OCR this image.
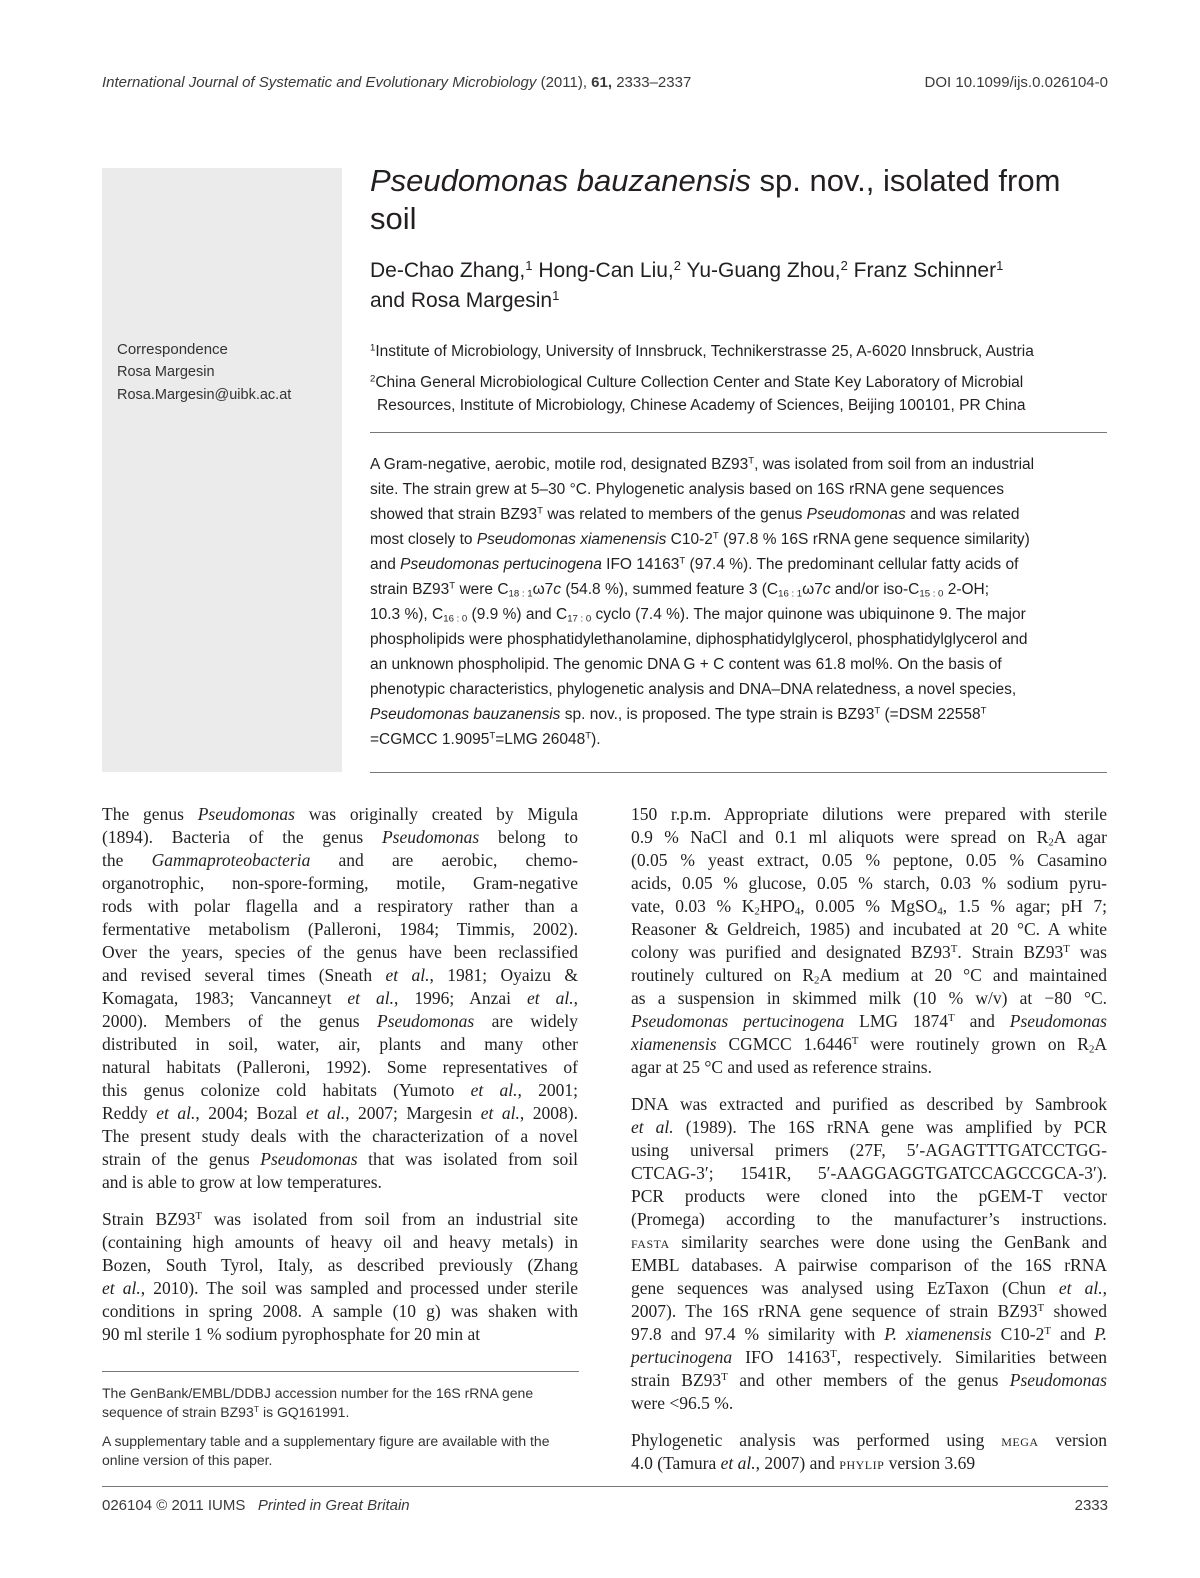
International Journal of Systematic and Evolutionary Microbiology (2011), 61, 2333–2337	DOI 10.1099/ijs.0.026104-0
Correspondence
Rosa Margesin
Rosa.Margesin@uibk.ac.at
Pseudomonas bauzanensis sp. nov., isolated from
soil
De-Chao Zhang,$^1$ Hong-Can Liu,$^2$ Yu-Guang Zhou,$^2$ Franz Schinner$^1$
and Rosa Margesin$^1$
$^1$Institute of Microbiology, University of Innsbruck, Technikerstrasse 25, A-6020 Innsbruck, Austria
$^2$China General Microbiological Culture Collection Center and State Key Laboratory of Microbial
Resources, Institute of Microbiology, Chinese Academy of Sciences, Beijing 100101, PR China
A Gram-negative, aerobic, motile rod, designated $BZ93^T$, was isolated from soil from an industrial
site. The strain grew at 5–30 °C. Phylogenetic analysis based on 16S rRNA gene sequences
showed that strain $BZ93^T$ was related to members of the genus Pseudomonas and was related
most closely to Pseudomonas xiamenensis $C10-2^T$ (97.8 % 16S rRNA gene sequence similarity)
and Pseudomonas pertucinogena IFO $14163^T$ (97.4 %). The predominant cellular fatty acids of
strain $BZ93^T$ were $C_{18 : 1}\omega 7c$ (54.8 %), summed feature 3 ($C_{16 : 1}\omega 7c$ and/or iso-$C_{15 : 0}$ 2-OH;
10.3 %), $C_{16 : 0}$ (9.9 %) and $C_{17 : 0}$ cyclo (7.4 %). The major quinone was ubiquinone 9. The major
phospholipids were phosphatidylethanolamine, diphosphatidylglycerol, phosphatidylglycerol and
an unknown phospholipid. The genomic DNA G + C content was 61.8 mol%. On the basis of
phenotypic characteristics, phylogenetic analysis and DNA–DNA relatedness, a novel species,
Pseudomonas bauzanensis sp. nov., is proposed. The type strain is $BZ93^T$ (=DSM $22558^T$
=CGMCC $1.9095^T=LMG$ $26048^T$).
The genus Pseudomonas was originally created by Migula
(1894). Bacteria of the genus Pseudomonas belong to
the Gammaproteobacteria and are aerobic, chemo-
organotrophic, non-spore-forming, motile, Gram-negative
rods with polar flagella and a respiratory rather than a
fermentative metabolism (Palleroni, 1984; Timmis, 2002).
Over the years, species of the genus have been reclassified
and revised several times (Sneath et al., 1981; Oyaizu &
Komagata, 1983; Vancanneyt et al., 1996; Anzai et al.,
2000). Members of the genus Pseudomonas are widely
distributed in soil, water, air, plants and many other
natural habitats (Palleroni, 1992). Some representatives of
this genus colonize cold habitats (Yumoto et al., 2001;
Reddy et al., 2004; Bozal et al., 2007; Margesin et al., 2008).
The present study deals with the characterization of a novel
strain of the genus Pseudomonas that was isolated from soil
and is able to grow at low temperatures.
Strain $BZ93^T$ was isolated from soil from an industrial site
(containing high amounts of heavy oil and heavy metals) in
Bozen, South Tyrol, Italy, as described previously (Zhang
et al., 2010). The soil was sampled and processed under sterile
conditions in spring 2008. A sample (10 g) was shaken with
90 ml sterile 1 % sodium pyrophosphate for 20 min at
150 r.p.m. Appropriate dilutions were prepared with sterile
0.9 % NaCl and 0.1 ml aliquots were spread on $R_2A$ agar
(0.05 % yeast extract, 0.05 % peptone, 0.05 % Casamino
acids, 0.05 % glucose, 0.05 % starch, 0.03 % sodium pyru-
vate, 0.03 % $K_2HPO_4$, 0.005 % MgSO$_4$, 1.5 % agar; pH 7;
Reasoner & Geldreich, 1985) and incubated at 20 °C. A white
colony was purified and designated $BZ93^T$. Strain $BZ93^T$ was
routinely cultured on $R_2A$ medium at 20 °C and maintained
as a suspension in skimmed milk (10 % w/v) at −80 °C.
Pseudomonas pertucinogena LMG $1874^T$ and Pseudomonas
xiamenensis CGMCC $1.6446^T$ were routinely grown on $R_2A$
agar at 25 °C and used as reference strains.
DNA was extracted and purified as described by Sambrook
et al. (1989). The 16S rRNA gene was amplified by PCR
using universal primers (27F, 5′-AGAGTTTGATCCTGG-
CTCAG-3′; 1541R, 5′-AAGGAGGTGATCCAGCCGCA-3′).
PCR products were cloned into the pGEM-T vector
(Promega) according to the manufacturer’s instructions.
fasta similarity searches were done using the GenBank and
EMBL databases. A pairwise comparison of the 16S rRNA
gene sequences was analysed using EzTaxon (Chun et al.,
2007). The 16S rRNA gene sequence of strain $BZ93^T$ showed
97.8 and 97.4 % similarity with P. xiamenensis $C10-2^T$ and P.
pertucinogena IFO $14163^T$, respectively. Similarities between
strain $BZ93^T$ and other members of the genus Pseudomonas
were <96.5 %.
Phylogenetic analysis was performed using mega version
4.0 (Tamura et al., 2007) and phylip version 3.69
The GenBank/EMBL/DDBJ accession number for the 16S rRNA gene
sequence of strain $BZ93^T$ is GQ161991.
A supplementary table and a supplementary figure are available with the
online version of this paper.
026104 © 2011 IUMS Printed in Great Britain	2333
